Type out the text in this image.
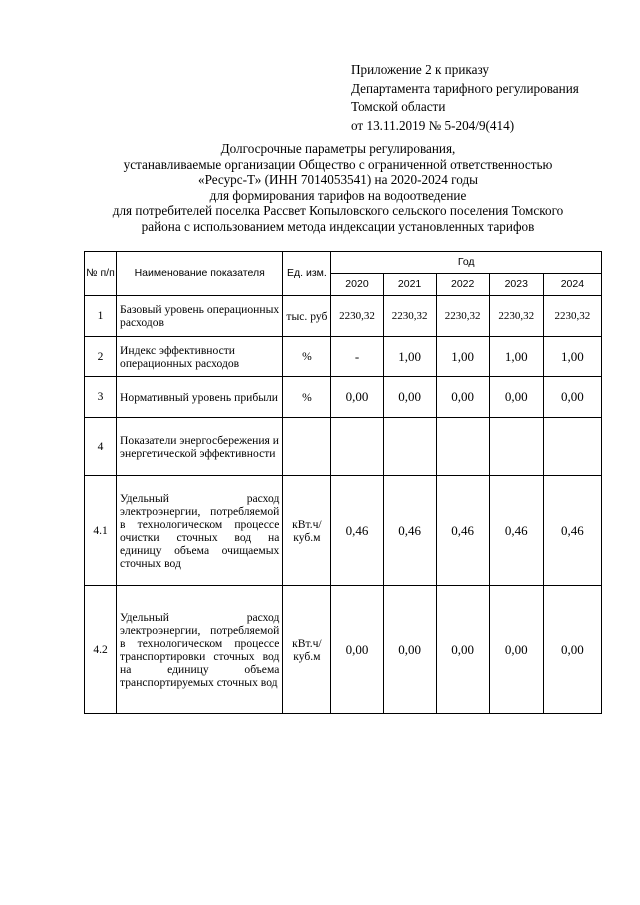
Приложение 2 к приказу
Департамента тарифного регулирования
Томской области
от 13.11.2019 № 5-204/9(414)
Долгосрочные параметры регулирования,
устанавливаемые организации Общество с ограниченной ответственностью
«Ресурс-Т» (ИНН 7014053541) на 2020-2024 годы
для формирования тарифов на водоотведение
для потребителей поселка Рассвет Копыловского сельского поселения Томского
района с использованием метода индексации установленных тарифов
№ п/п	Наименование показателя	Ед. изм.	Год				
			2020	2021	2022	2023	2024
1	Базовый уровень операционных расходов	тыс. руб	2230,32	2230,32	2230,32	2230,32	2230,32
2	Индекс эффективности операционных расходов	%	-	1,00	1,00	1,00	1,00
3	Нормативный уровень прибыли	%	0,00	0,00	0,00	0,00	0,00
4	Показатели энергосбережения и энергетической эффективности						
4.1	Удельный расход электроэнергии, потребляемой в технологическом процессе очистки сточных вод на единицу объема очищаемых сточных вод	кВт.ч/ куб.м	0,46	0,46	0,46	0,46	0,46
4.2	Удельный расход электроэнергии, потребляемой в технологическом процессе транспортировки сточных вод на единицу объема транспортируемых сточных вод	кВт.ч/ куб.м	0,00	0,00	0,00	0,00	0,00
